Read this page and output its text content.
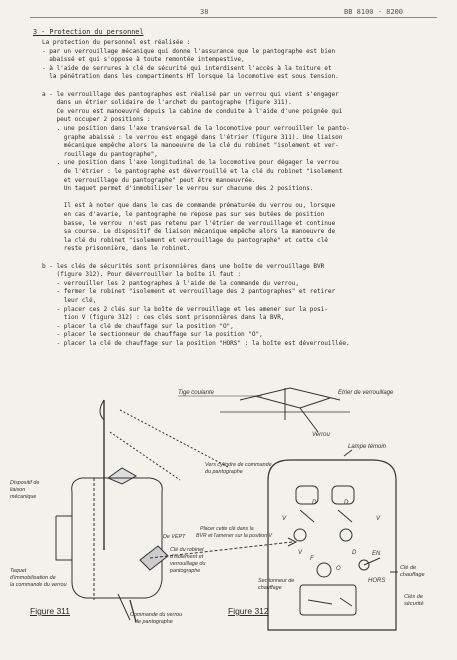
38	BB 8100 - 8200
3 - Protection du personnel
La protection du personnel est réalisée :
- par un verrouillage mécanique qui donne l'assurance que le pantographe est bien
abaissé et qui s'oppose à toute remontée intempestive,
- à l'aide de serrures à clé de sécurité qui interdisent l'accès à la toiture et
la pénétration dans les compartiments HT lorsque la locomotive est sous tension.
a - le verrouillage des pantographes est réalisé par un verrou qui vient s'engager
dans un étrier solidaire de l'archet du pantographe (figure 311).
Ce verrou est manoeuvré depuis la cabine de conduite à l'aide d'une poignée qui
peut occuper 2 positions :
. une position dans l'axe transversal de la locomotive pour verrouiller le panto-
graphe abaissé : le verrou est engagé dans l'étrier (figure 311). Une liaison
mécanique empêche alors la manoeuvre de la clé du robinet "isolement et ver-
rouillage du pantographe",
. une position dans l'axe longitudinal de la locomotive pour dégager le verrou
de l'étrier : le pantographe est déverrouillé et la clé du robinet "isolement
et verrouillage du pantographe" peut être manoeuvrée.
Un taquet permet d'immobiliser le verrou sur chacune des 2 positions.
Il est à noter que dans le cas de commande prématurée du verrou ou, lorsque
en cas d'avarie, le pantographe ne repose pas sur ses butées de position
basse, le verrou  n'est pas retenu par l'étrier de verrouillage et continue
sa course. Le dispositif de liaison mécanique empêche alors la manoeuvre de
la clé du robinet "isolement et verrouillage du pantographe" et cette clé
reste prisonnière, dans le robinet.
b - les clés de sécurités sont prisonnières dans une boîte de verrouillage BVR
(figure 312). Pour déverrouiller la boîte il faut :
- verrouiller les 2 pantographes à l'aide de la commande du verrou,
- fermer le robinet "isolement et verrouillage des 2 pantographes" et retirer
leur clé,
- placer ces 2 clés sur la boîte de verrouillage et les amener sur la posi-
tion V (figure 312) : ces clés sont prisonnières dans la BVR,
- placer la clé de chauffage sur la position "O",
- placer le sectionneur de chauffage sur la position "O",
- placer la clé de chauffage sur la position "HORS" : la boîte est déverrouillée.
Tige coulante	Etrier de verrouillage
Verrou
Vers cylindre de commande
du pantographe
Dispositif de
liaison
mécanique
De VEPT
Placer cette clé dans la
BVR et l'amener sur la position V
Clé du robinet
d'isolement et
verrouillage du
pantographe
Taquet
d'immobilisation de
la commande du verrou
Commande du verrou
de pantographe
Lampe témoin
V
D
V
D
V
D
O
F
EN
HORS
Clé de
chauffage
Sectionneur de
chauffage
Clés de
sécurité
Figure 311	Figure 312
